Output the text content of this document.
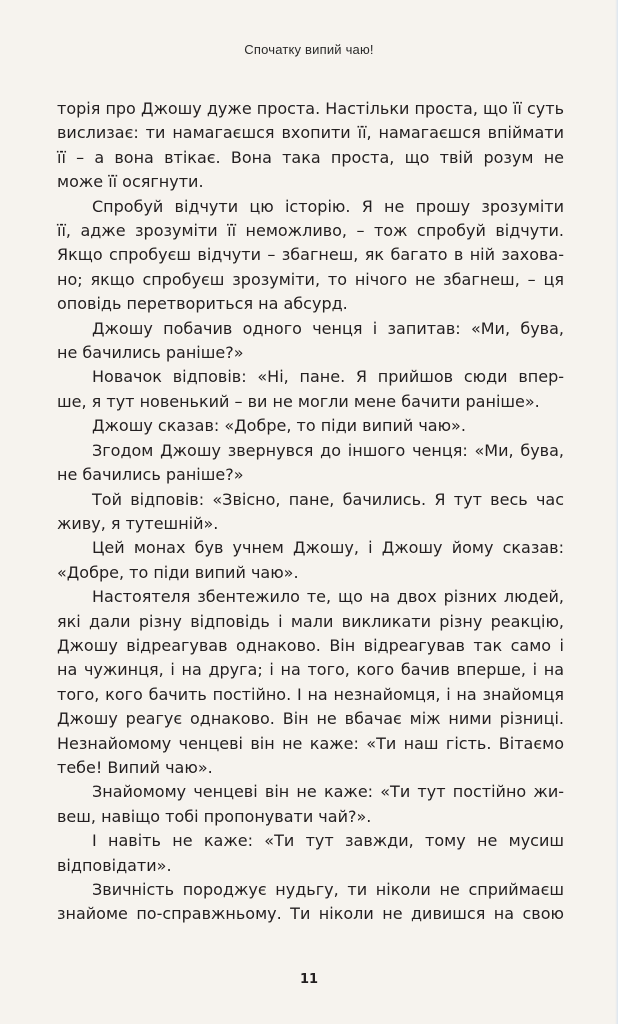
Спочатку випий чаю!
торія про Джошу дуже проста. Настільки проста, що її суть
вислизає: ти намагаєшся вхопити її, намагаєшся впіймати
її – а вона втікає. Вона така проста, що твій розум не
може її осягнути.
Спробуй відчути цю історію. Я не прошу зрозуміти
її, адже зрозуміти її неможливо, – тож спробуй відчути.
Якщо спробуєш відчути – збагнеш, як багато в ній захова-
но; якщо спробуєш зрозуміти, то нічого не збагнеш, – ця
оповідь перетвориться на абсурд.
Джошу побачив одного ченця і запитав: «Ми, бува,
не бачились раніше?»
Новачок відповів: «Ні, пане. Я прийшов сюди впер-
ше, я тут новенький – ви не могли мене бачити раніше».
Джошу сказав: «Добре, то піди випий чаю».
Згодом Джошу звернувся до іншого ченця: «Ми, бува,
не бачились раніше?»
Той відповів: «Звісно, пане, бачились. Я тут весь час
живу, я тутешній».
Цей монах був учнем Джошу, і Джошу йому сказав:
«Добре, то піди випий чаю».
Настоятеля збентежило те, що на двох різних людей,
які дали різну відповідь і мали викликати різну реакцію,
Джошу відреагував однаково. Він відреагував так само і
на чужинця, і на друга; і на того, кого бачив вперше, і на
того, кого бачить постійно. І на незнайомця, і на знайомця
Джошу реагує однаково. Він не вбачає між ними різниці.
Незнайомому ченцеві він не каже: «Ти наш гість. Вітаємо
тебе! Випий чаю».
Знайомому ченцеві він не каже: «Ти тут постійно жи-
веш, навіщо тобі пропонувати чай?».
І навіть не каже: «Ти тут завжди, тому не мусиш
відповідати».
Звичність породжує нудьгу, ти ніколи не сприймаєш
знайоме по-справжньому. Ти ніколи не дивишся на свою
11
